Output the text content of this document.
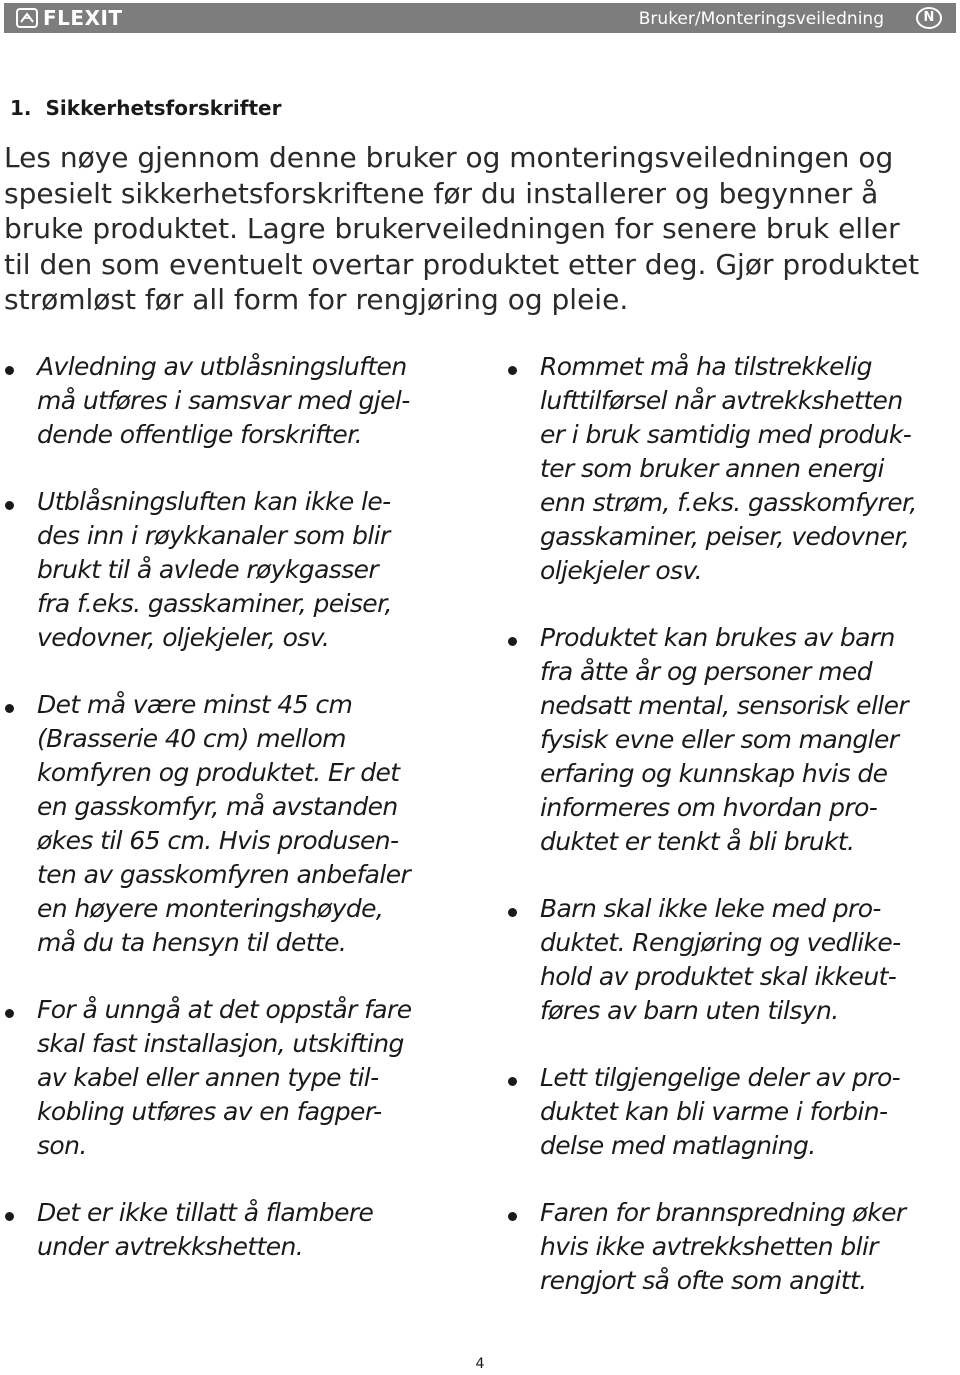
FLEXIT	Bruker/Monteringsveiledning	N
1. Sikkerhetsforskrifter

Les nøye gjennom denne bruker og monteringsveiledningen og
spesielt sikkerhetsforskriftene før du installerer og begynner å
bruke produktet. Lagre brukerveiledningen for senere bruk eller
til den som eventuelt overtar produktet etter deg. Gjør produktet
strømløst før all form for rengjøring og pleie.

Avledning av utblåsningsluften
må utføres i samsvar med gjel-
dende offentlige forskrifter.
Utblåsningsluften kan ikke le-
des inn i røykkanaler som blir
brukt til å avlede røykgasser
fra f.eks. gasskaminer, peiser,
vedovner, oljekjeler, osv.
Det må være minst 45 cm
(Brasserie 40 cm) mellom
komfyren og produktet. Er det
en gasskomfyr, må avstanden
økes til 65 cm. Hvis produsen-
ten av gasskomfyren anbefaler
en høyere monteringshøyde,
må du ta hensyn til dette.
For å unngå at det oppstår fare
skal fast installasjon, utskifting
av kabel eller annen type til-
kobling utføres av en fagper-
son.
Det er ikke tillatt å flambere
under avtrekkshetten.
Rommet må ha tilstrekkelig
lufttilførsel når avtrekkshetten
er i bruk samtidig med produk-
ter som bruker annen energi
enn strøm, f.eks. gasskomfyrer,
gasskaminer, peiser, vedovner,
oljekjeler osv.
Produktet kan brukes av barn
fra åtte år og personer med
nedsatt mental, sensorisk eller
fysisk evne eller som mangler
erfaring og kunnskap hvis de
informeres om hvordan pro-
duktet er tenkt å bli brukt.
Barn skal ikke leke med pro-
duktet. Rengjøring og vedlike-
hold av produktet skal ikkeut-
føres av barn uten tilsyn.
Lett tilgjengelige deler av pro-
duktet kan bli varme i forbin-
delse med matlagning.
Faren for brannspredning øker
hvis ikke avtrekkshetten blir
rengjort så ofte som angitt.
4
